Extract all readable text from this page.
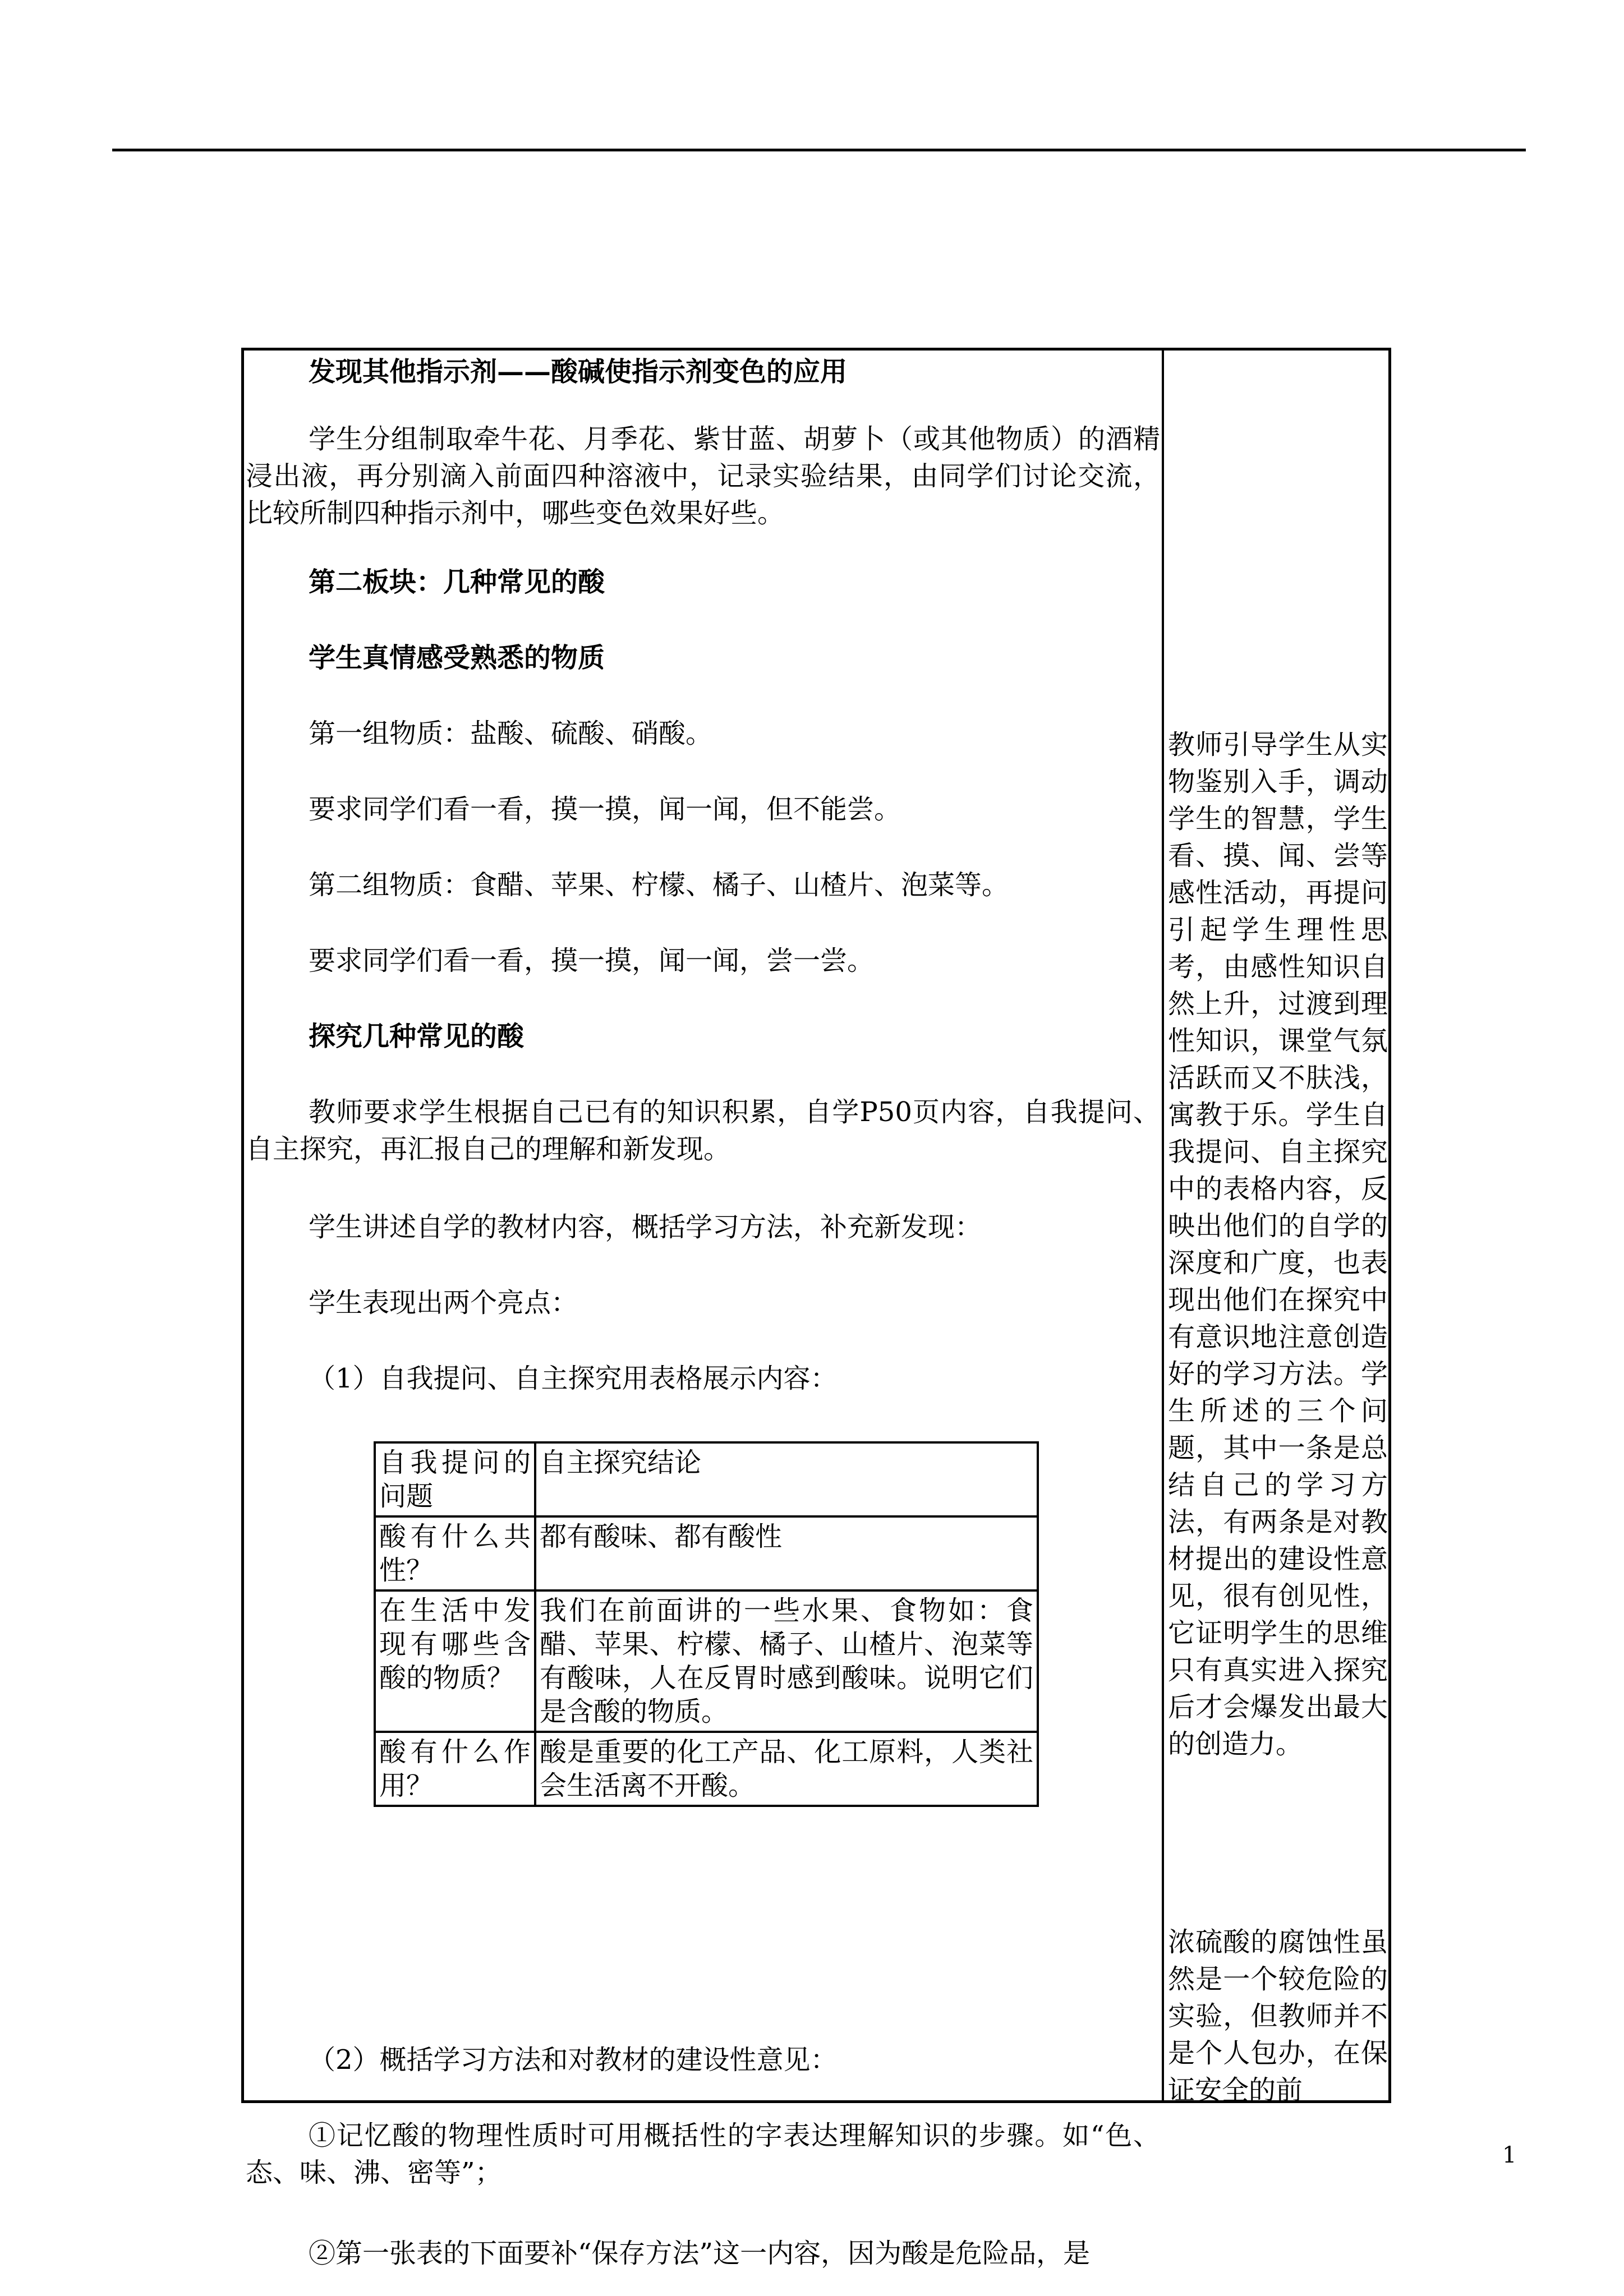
发现其他指示剂——酸碱使指示剂变色的应用

学生分组制取牵牛花、月季花、紫甘蓝、胡萝卜（或其他物质）的酒精浸出液，再分别滴入前面四种溶液中，记录实验结果，由同学们讨论交流，比较所制四种指示剂中，哪些变色效果好些。

第二板块：几种常见的酸

学生真情感受熟悉的物质

第一组物质：盐酸、硫酸、硝酸。

要求同学们看一看，摸一摸，闻一闻，但不能尝。

第二组物质：食醋、苹果、柠檬、橘子、山楂片、泡菜等。

要求同学们看一看，摸一摸，闻一闻，尝一尝。

探究几种常见的酸

教师要求学生根据自己已有的知识积累，自学P50页内容，自我提问、自主探究，再汇报自己的理解和新发现。

学生讲述自学的教材内容，概括学习方法，补充新发现：

学生表现出两个亮点：

（1）自我提问、自主探究用表格展示内容：

自我提问的问题	自主探究结论
酸有什么共性？	都有酸味、都有酸性
在生活中发现有哪些含酸的物质？	我们在前面讲的一些水果、食物如：食醋、苹果、柠檬、橘子、山楂片、泡菜等有酸味，人在反胃时感到酸味。说明它们是含酸的物质。
酸有什么作用？	酸是重要的化工产品、化工原料，人类社会生活离不开酸。

（2）概括学习方法和对教材的建设性意见：

①记忆酸的物理性质时可用概括性的字表达理解知识的步骤。如“色、态、味、沸、密等”；

②第一张表的下面要补“保存方法”这一内容，因为酸是危险品，是

教师引导学生从实物鉴别入手，调动学生的智慧，学生看、摸、闻、尝等感性活动，再提问引起学生理性思考，由感性知识自然上升，过渡到理性知识，课堂气氛活跃而又不肤浅，寓教于乐。学生自我提问、自主探究中的表格内容，反映出他们的自学的深度和广度，也表现出他们在探究中有意识地注意创造好的学习方法。学生所述的三个问题，其中一条是总结自己的学习方法，有两条是对教材提出的建设性意见，很有创见性，它证明学生的思维只有真实进入探究后才会爆发出最大的创造力。
浓硫酸的腐蚀性虽然是一个较危险的实验，但教师并不是个人包办，在保证安全的前
1
